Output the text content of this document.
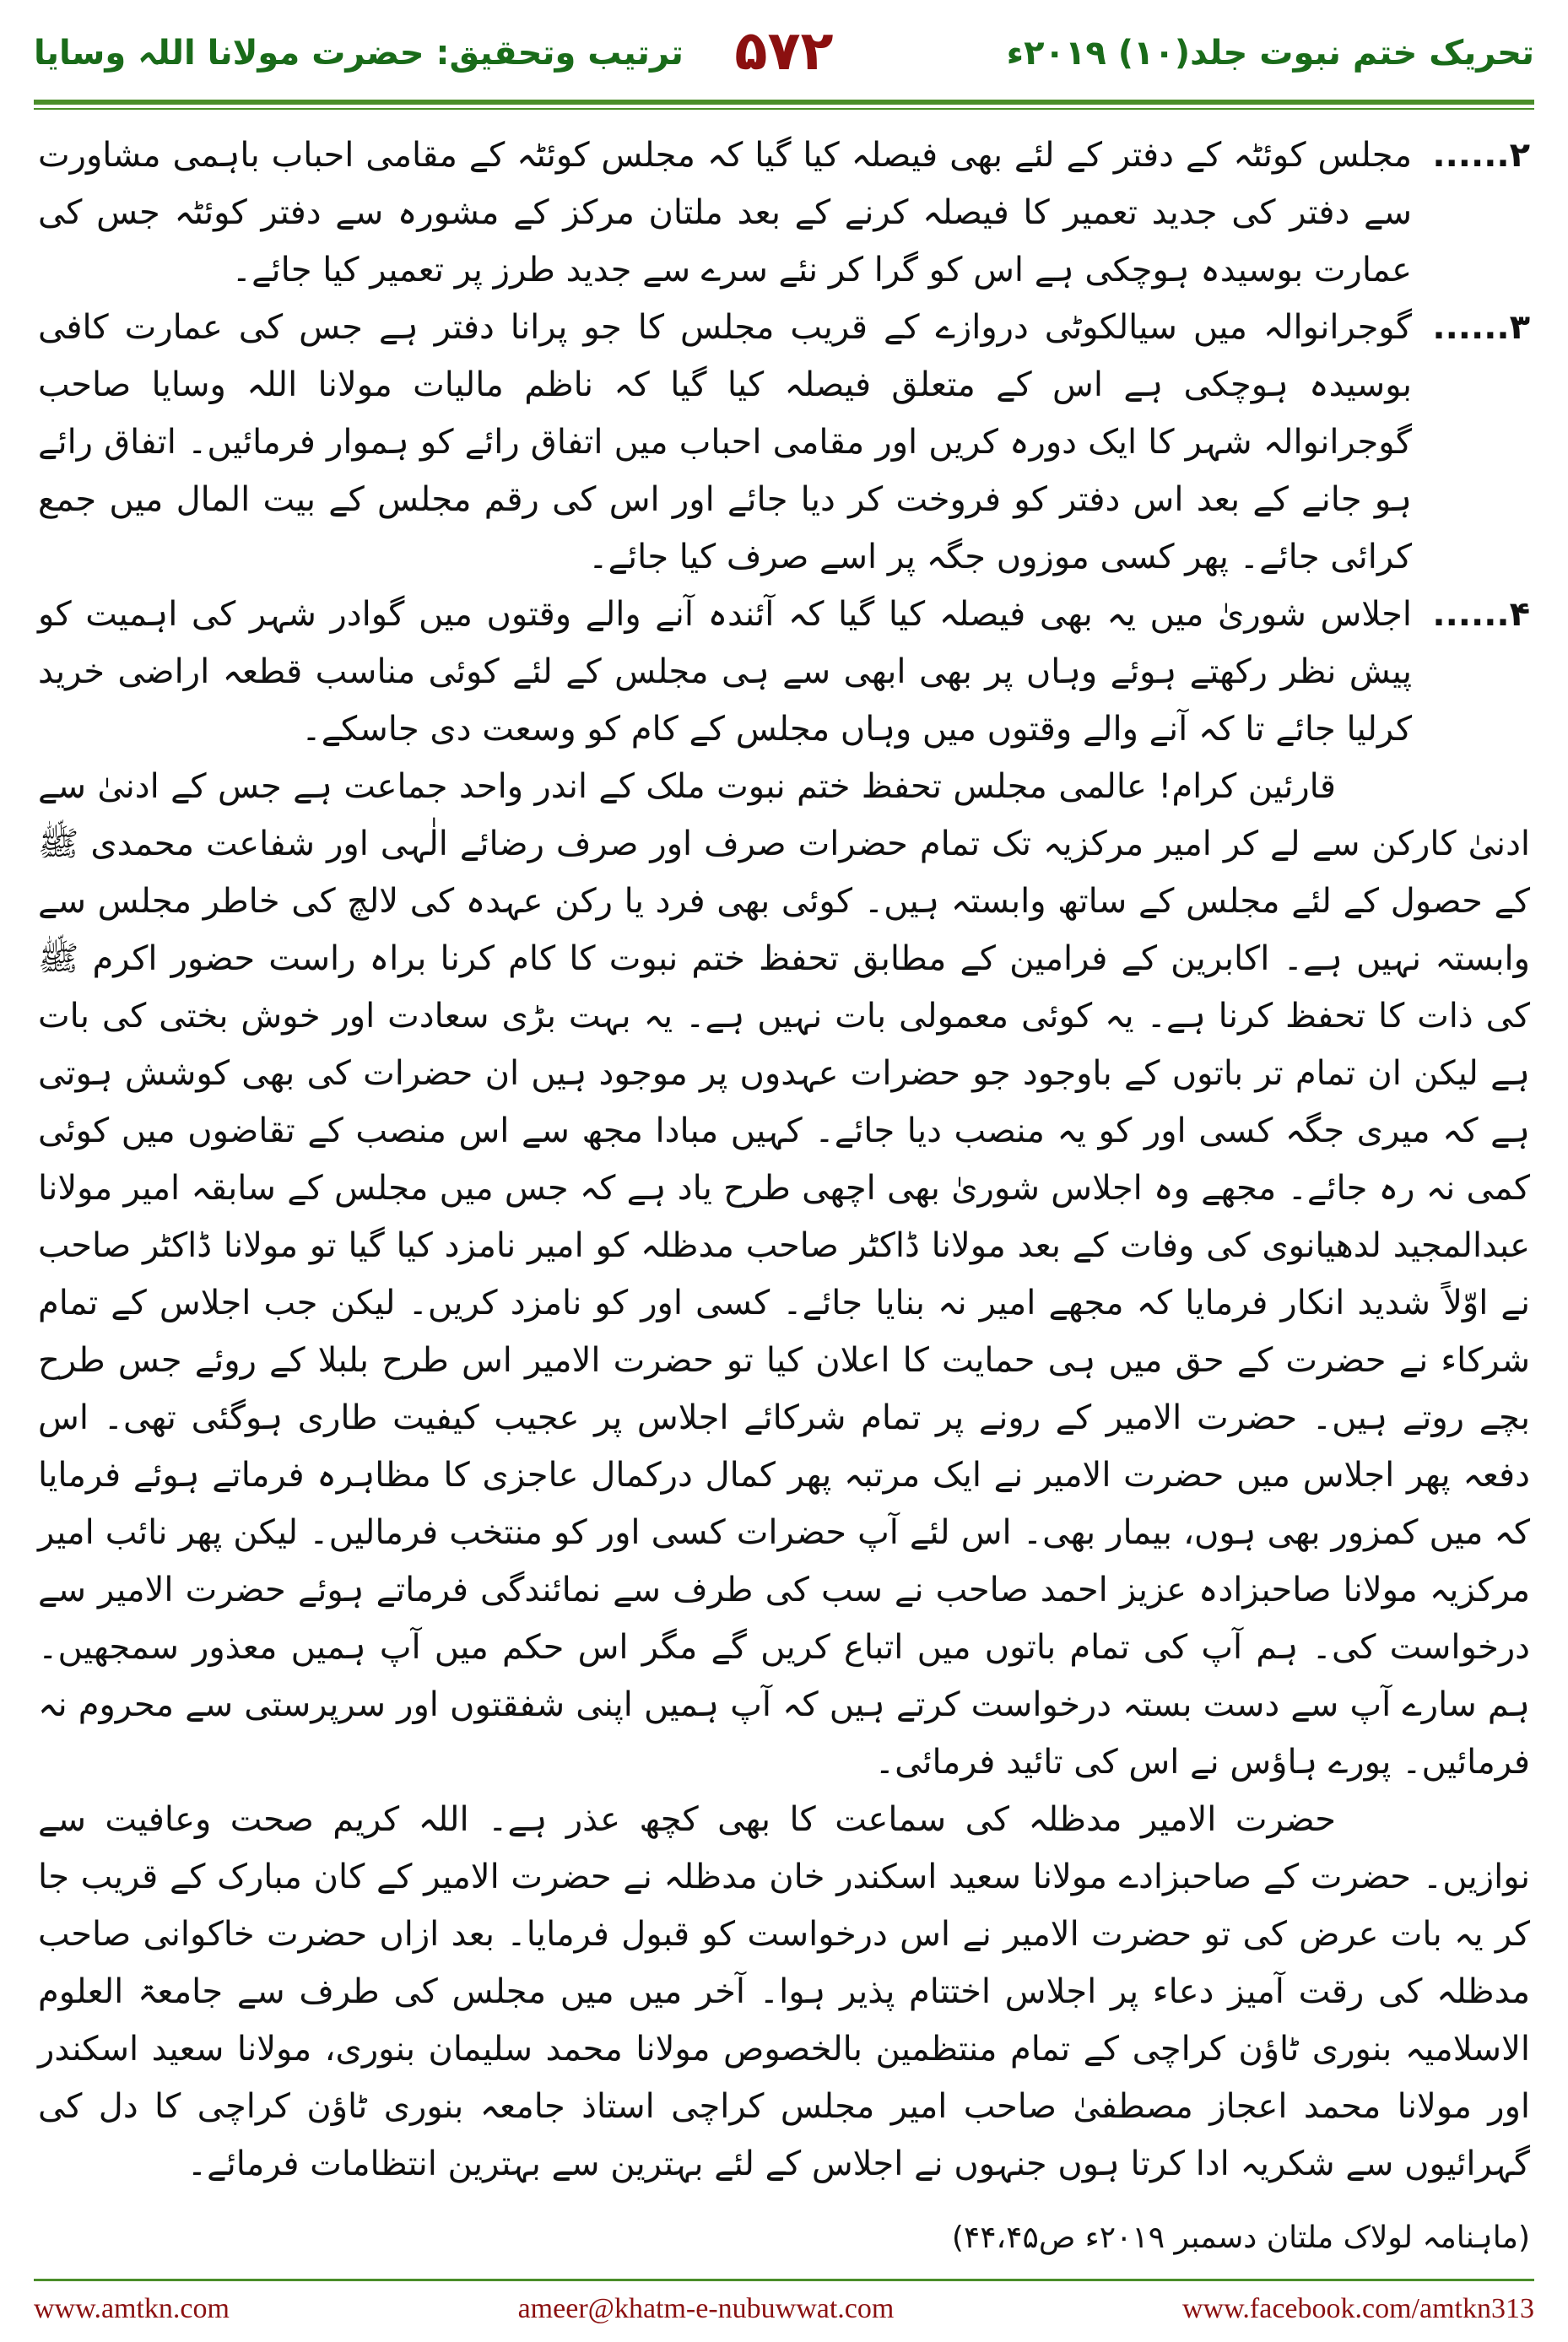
تحریک ختم نبوت جلد(۱۰) ۲۰۱۹ء
۵۷۲
ترتیب وتحقیق: حضرت مولانا اللہ وسایا
۲......
مجلس کوئٹہ کے دفتر کے لئے بھی فیصلہ کیا گیا کہ مجلس کوئٹہ کے مقامی احباب باہمی مشاورت سے دفتر کی جدید تعمیر کا فیصلہ کرنے کے بعد ملتان مرکز کے مشورہ سے دفتر کوئٹہ جس کی عمارت بوسیدہ ہوچکی ہے اس کو گرا کر نئے سرے سے جدید طرز پر تعمیر کیا جائے۔
۳......
گوجرانوالہ میں سیالکوٹی دروازے کے قریب مجلس کا جو پرانا دفتر ہے جس کی عمارت کافی بوسیدہ ہوچکی ہے اس کے متعلق فیصلہ کیا گیا کہ ناظم مالیات مولانا اللہ وسایا صاحب گوجرانوالہ شہر کا ایک دورہ کریں اور مقامی احباب میں اتفاق رائے کو ہموار فرمائیں۔ اتفاق رائے ہو جانے کے بعد اس دفتر کو فروخت کر دیا جائے اور اس کی رقم مجلس کے بیت المال میں جمع کرائی جائے۔ پھر کسی موزوں جگہ پر اسے صرف کیا جائے۔
۴......
اجلاس شوریٰ میں یہ بھی فیصلہ کیا گیا کہ آئندہ آنے والے وقتوں میں گوادر شہر کی اہمیت کو پیش نظر رکھتے ہوئے وہاں پر بھی ابھی سے ہی مجلس کے لئے کوئی مناسب قطعہ اراضی خرید کرلیا جائے تا کہ آنے والے وقتوں میں وہاں مجلس کے کام کو وسعت دی جاسکے۔

قارئین کرام! عالمی مجلس تحفظ ختم نبوت ملک کے اندر واحد جماعت ہے جس کے ادنیٰ سے ادنیٰ کارکن سے لے کر امیر مرکزیہ تک تمام حضرات صرف اور صرف رضائے الٰہی اور شفاعت محمدی ﷺ کے حصول کے لئے مجلس کے ساتھ وابستہ ہیں۔ کوئی بھی فرد یا رکن عہدہ کی لالچ کی خاطر مجلس سے وابستہ نہیں ہے۔ اکابرین کے فرامین کے مطابق تحفظ ختم نبوت کا کام کرنا براہ راست حضور اکرم ﷺ کی ذات کا تحفظ کرنا ہے۔ یہ کوئی معمولی بات نہیں ہے۔ یہ بہت بڑی سعادت اور خوش بختی کی بات ہے لیکن ان تمام تر باتوں کے باوجود جو حضرات عہدوں پر موجود ہیں ان حضرات کی بھی کوشش ہوتی ہے کہ میری جگہ کسی اور کو یہ منصب دیا جائے۔ کہیں مبادا مجھ سے اس منصب کے تقاضوں میں کوئی کمی نہ رہ جائے۔ مجھے وہ اجلاس شوریٰ بھی اچھی طرح یاد ہے کہ جس میں مجلس کے سابقہ امیر مولانا عبدالمجید لدھیانوی کی وفات کے بعد مولانا ڈاکٹر صاحب مدظلہ کو امیر نامزد کیا گیا تو مولانا ڈاکٹر صاحب نے اوّلاً شدید انکار فرمایا کہ مجھے امیر نہ بنایا جائے۔ کسی اور کو نامزد کریں۔ لیکن جب اجلاس کے تمام شرکاء نے حضرت کے حق میں ہی حمایت کا اعلان کیا تو حضرت الامیر اس طرح بلبلا کے روئے جس طرح بچے روتے ہیں۔ حضرت الامیر کے رونے پر تمام شرکائے اجلاس پر عجیب کیفیت طاری ہوگئی تھی۔ اس دفعہ پھر اجلاس میں حضرت الامیر نے ایک مرتبہ پھر کمال درکمال عاجزی کا مظاہرہ فرماتے ہوئے فرمایا کہ میں کمزور بھی ہوں، بیمار بھی۔ اس لئے آپ حضرات کسی اور کو منتخب فرمالیں۔ لیکن پھر نائب امیر مرکزیہ مولانا صاحبزادہ عزیز احمد صاحب نے سب کی طرف سے نمائندگی فرماتے ہوئے حضرت الامیر سے درخواست کی۔ ہم آپ کی تمام باتوں میں اتباع کریں گے مگر اس حکم میں آپ ہمیں معذور سمجھیں۔ ہم سارے آپ سے دست بستہ درخواست کرتے ہیں کہ آپ ہمیں اپنی شفقتوں اور سرپرستی سے محروم نہ فرمائیں۔ پورے ہاؤس نے اس کی تائید فرمائی۔

حضرت الامیر مدظلہ کی سماعت کا بھی کچھ عذر ہے۔ اللہ کریم صحت وعافیت سے نوازیں۔ حضرت کے صاحبزادے مولانا سعید اسکندر خان مدظلہ نے حضرت الامیر کے کان مبارک کے قریب جا کر یہ بات عرض کی تو حضرت الامیر نے اس درخواست کو قبول فرمایا۔ بعد ازاں حضرت خاکوانی صاحب مدظلہ کی رقت آمیز دعاء پر اجلاس اختتام پذیر ہوا۔ آخر میں میں مجلس کی طرف سے جامعۃ العلوم الاسلامیہ بنوری ٹاؤن کراچی کے تمام منتظمین بالخصوص مولانا محمد سلیمان بنوری، مولانا سعید اسکندر اور مولانا محمد اعجاز مصطفیٰ صاحب امیر مجلس کراچی استاذ جامعہ بنوری ٹاؤن کراچی کا دل کی گہرائیوں سے شکریہ ادا کرتا ہوں جنہوں نے اجلاس کے لئے بہترین سے بہترین انتظامات فرمائے۔

(ماہنامہ لولاک ملتان دسمبر ۲۰۱۹ء ص۴۴،۴۵)
www.amtkn.com	ameer@khatm-e-nubuwwat.com	www.facebook.com/amtkn313
